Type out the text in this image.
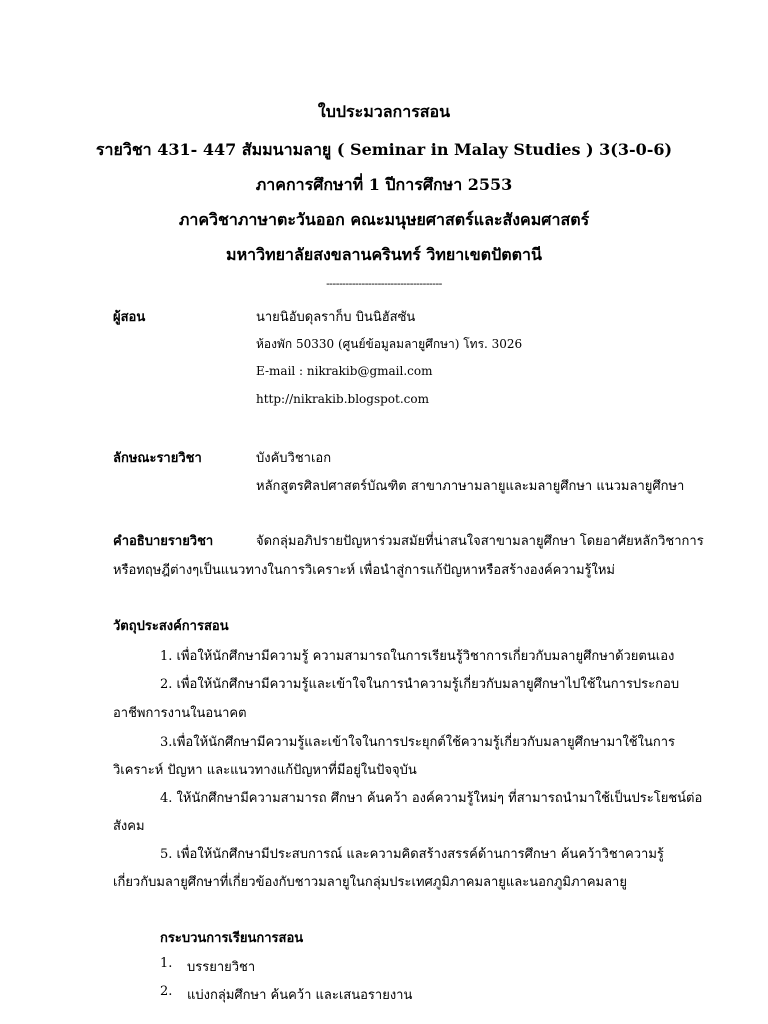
ใบประมวลการสอน
รายวิชา 431- 447 สัมมนามลายู ( Seminar in Malay Studies ) 3(3-0-6)
ภาคการศึกษาที่ 1 ปีการศึกษา 2553
ภาควิชาภาษาตะวันออก คณะมนุษยศาสตร์และสังคมศาสตร์
มหาวิทยาลัยสงขลานครินทร์ วิทยาเขตปัตตานี
------------------------------------
ผู้สอน	นายนิอับดุลราก็บ บินนิฮัสซัน
ห้องพัก 50330 (ศูนย์ข้อมูลมลายูศึกษา) โทร. 3026
E-mail : nikrakib@gmail.com
http://nikrakib.blogspot.com
ลักษณะรายวิชา	บังคับวิชาเอก
หลักสูตรศิลปศาสตร์บัณฑิต สาขาภาษามลายูและมลายูศึกษา แนวมลายูศึกษา
คำอธิบายรายวิชา	จัดกลุ่มอภิปรายปัญหาร่วมสมัยที่น่าสนใจสาขามลายูศึกษา โดยอาศัยหลักวิชาการ
หรือทฤษฎีต่างๆเป็นแนวทางในการวิเคราะห์ เพื่อนำสู่การแก้ปัญหาหรือสร้างองค์ความรู้ใหม่
วัตถุประสงค์การสอน
1. เพื่อให้นักศึกษามีความรู้ ความสามารถในการเรียนรู้วิชาการเกี่ยวกับมลายูศึกษาด้วยตนเอง
2. เพื่อให้นักศึกษามีความรู้และเข้าใจในการนำความรู้เกี่ยวกับมลายูศึกษาไปใช้ในการประกอบ
อาชีพการงานในอนาคต
3.เพื่อให้นักศึกษามีความรู้และเข้าใจในการประยุกต์ใช้ความรู้เกี่ยวกับมลายูศึกษามาใช้ในการ
วิเคราะห์ ปัญหา และแนวทางแก้ปัญหาที่มีอยู่ในปัจจุบัน
4. ให้นักศึกษามีความสามารถ ศึกษา ค้นคว้า องค์ความรู้ใหม่ๆ ที่สามารถนำมาใช้เป็นประโยชน์ต่อ
สังคม
5. เพื่อให้นักศึกษามีประสบการณ์ และความคิดสร้างสรรค์ด้านการศึกษา ค้นคว้าวิชาความรู้
เกี่ยวกับมลายูศึกษาที่เกี่ยวข้องกับชาวมลายูในกลุ่มประเทศภูมิภาคมลายูและนอกภูมิภาคมลายู
กระบวนการเรียนการสอน
1. บรรยายวิชา
2. แบ่งกลุ่มศึกษา ค้นคว้า และเสนอรายงาน
